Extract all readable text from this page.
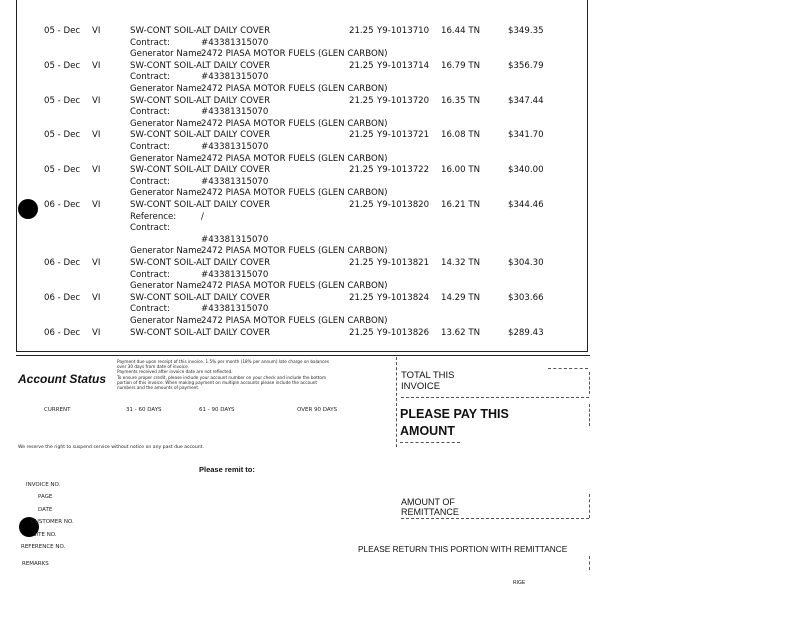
05 - Dec VI	SW-CONT SOIL-ALT DAILY COVER	21.25 Y9-1013710 16.44 TN	$349.35
Contract:	#43381315070
Generator Name 2472 PIASA MOTOR FUELS (GLEN CARBON)
05 - Dec VI	SW-CONT SOIL-ALT DAILY COVER	21.25 Y9-1013714 16.79 TN	$356.79
Contract:	#43381315070
Generator Name 2472 PIASA MOTOR FUELS (GLEN CARBON)
05 - Dec VI	SW-CONT SOIL-ALT DAILY COVER	21.25 Y9-1013720 16.35 TN	$347.44
Contract:	#43381315070
Generator Name 2472 PIASA MOTOR FUELS (GLEN CARBON)
05 - Dec VI	SW-CONT SOIL-ALT DAILY COVER	21.25 Y9-1013721 16.08 TN	$341.70
Contract:	#43381315070
Generator Name 2472 PIASA MOTOR FUELS (GLEN CARBON)
05 - Dec VI	SW-CONT SOIL-ALT DAILY COVER	21.25 Y9-1013722 16.00 TN	$340.00
Contract:	#43381315070
Generator Name 2472 PIASA MOTOR FUELS (GLEN CARBON)
06 - Dec VI	SW-CONT SOIL-ALT DAILY COVER	21.25 Y9-1013820 16.21 TN	$344.46
Reference:	/
Contract:
#43381315070
Generator Name 2472 PIASA MOTOR FUELS (GLEN CARBON)
06 - Dec VI	SW-CONT SOIL-ALT DAILY COVER	21.25 Y9-1013821 14.32 TN	$304.30
Contract:	#43381315070
Generator Name 2472 PIASA MOTOR FUELS (GLEN CARBON)
06 - Dec VI	SW-CONT SOIL-ALT DAILY COVER	21.25 Y9-1013824 14.29 TN	$303.66
Contract:	#43381315070
Generator Name 2472 PIASA MOTOR FUELS (GLEN CARBON)
06 - Dec VI	SW-CONT SOIL-ALT DAILY COVER	21.25 Y9-1013826 13.62 TN	$289.43
Account Status
Payment due upon receipt of this invoice. 1.5% per month (18% per annum) late charge on balances
over 30 days from date of invoice.
Payments received after invoice date are not reflected.
To ensure proper credit, please include your account number on your check and include the bottom
portion of this invoice. When making payment on multiple accounts please include the account
numbers and the amounts of payment.
TOTAL THIS INVOICE
CURRENT	31 - 60 DAYS	61 - 90 DAYS	OVER 90 DAYS	PLEASE PAY THIS AMOUNT
We reserve the right to suspend service without notice on any past due account.
Please remit to:
INVOICE NO.
PAGE
DATE
CUSTOMER NO.
SITE NO.
REFERENCE NO.
REMARKS
AMOUNT OF REMITTANCE
PLEASE RETURN THIS PORTION WITH REMITTANCE
RIGE
